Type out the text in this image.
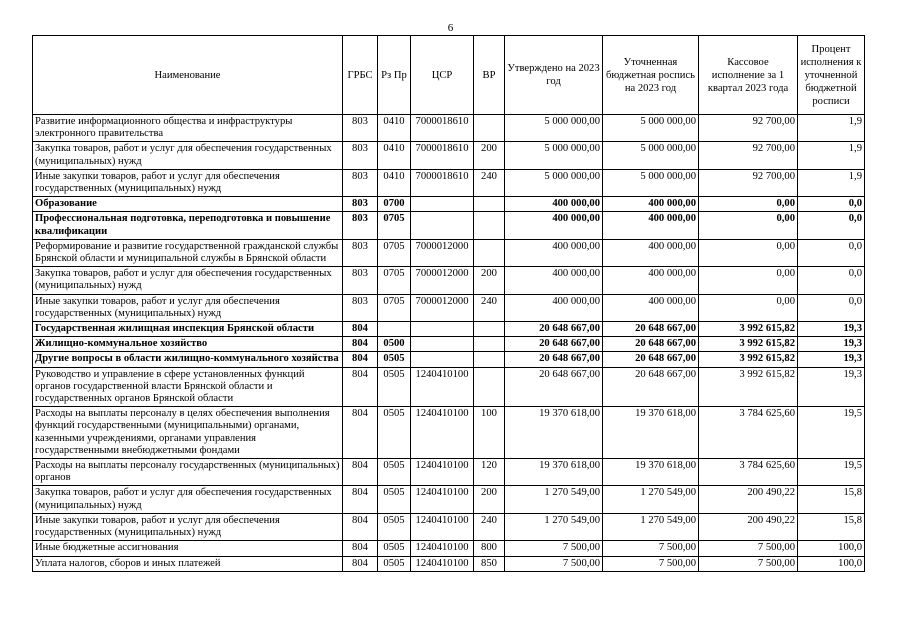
6
Наименование	ГРБС	Рз Пр	ЦСР	ВР	Утверждено на 2023 год	Уточненная бюджетная роспись на 2023 год	Кассовое исполнение за 1 квартал 2023 года	Процент исполнения к уточненной бюджетной росписи
Развитие информационного общества и инфраструктуры электронного правительства	803	0410	7000018610		5 000 000,00	5 000 000,00	92 700,00	1,9
Закупка товаров, работ и услуг для обеспечения государственных (муниципальных) нужд	803	0410	7000018610	200	5 000 000,00	5 000 000,00	92 700,00	1,9
Иные закупки товаров, работ и услуг для обеспечения государственных (муниципальных) нужд	803	0410	7000018610	240	5 000 000,00	5 000 000,00	92 700,00	1,9
Образование	803	0700			400 000,00	400 000,00	0,00	0,0
Профессиональная подготовка, переподготовка и повышение квалификации	803	0705			400 000,00	400 000,00	0,00	0,0
Реформирование и развитие государственной гражданской службы Брянской области и муниципальной службы в Брянской области	803	0705	7000012000		400 000,00	400 000,00	0,00	0,0
Закупка товаров, работ и услуг для обеспечения государственных (муниципальных) нужд	803	0705	7000012000	200	400 000,00	400 000,00	0,00	0,0
Иные закупки товаров, работ и услуг для обеспечения государственных (муниципальных) нужд	803	0705	7000012000	240	400 000,00	400 000,00	0,00	0,0
Государственная жилищная инспекция Брянской области	804				20 648 667,00	20 648 667,00	3 992 615,82	19,3
Жилищно-коммунальное хозяйство	804	0500			20 648 667,00	20 648 667,00	3 992 615,82	19,3
Другие вопросы в области жилищно-коммунального хозяйства	804	0505			20 648 667,00	20 648 667,00	3 992 615,82	19,3
Руководство и управление в сфере установленных функций органов государственной власти Брянской области и государственных органов Брянской области	804	0505	1240410100		20 648 667,00	20 648 667,00	3 992 615,82	19,3
Расходы на выплаты персоналу в целях обеспечения выполнения функций государственными (муниципальными) органами, казенными учреждениями, органами управления государственными внебюджетными фондами	804	0505	1240410100	100	19 370 618,00	19 370 618,00	3 784 625,60	19,5
Расходы на выплаты персоналу государственных (муниципальных) органов	804	0505	1240410100	120	19 370 618,00	19 370 618,00	3 784 625,60	19,5
Закупка товаров, работ и услуг для обеспечения государственных (муниципальных) нужд	804	0505	1240410100	200	1 270 549,00	1 270 549,00	200 490,22	15,8
Иные закупки товаров, работ и услуг для обеспечения государственных (муниципальных) нужд	804	0505	1240410100	240	1 270 549,00	1 270 549,00	200 490,22	15,8
Иные бюджетные ассигнования	804	0505	1240410100	800	7 500,00	7 500,00	7 500,00	100,0
Уплата налогов, сборов и иных платежей	804	0505	1240410100	850	7 500,00	7 500,00	7 500,00	100,0
